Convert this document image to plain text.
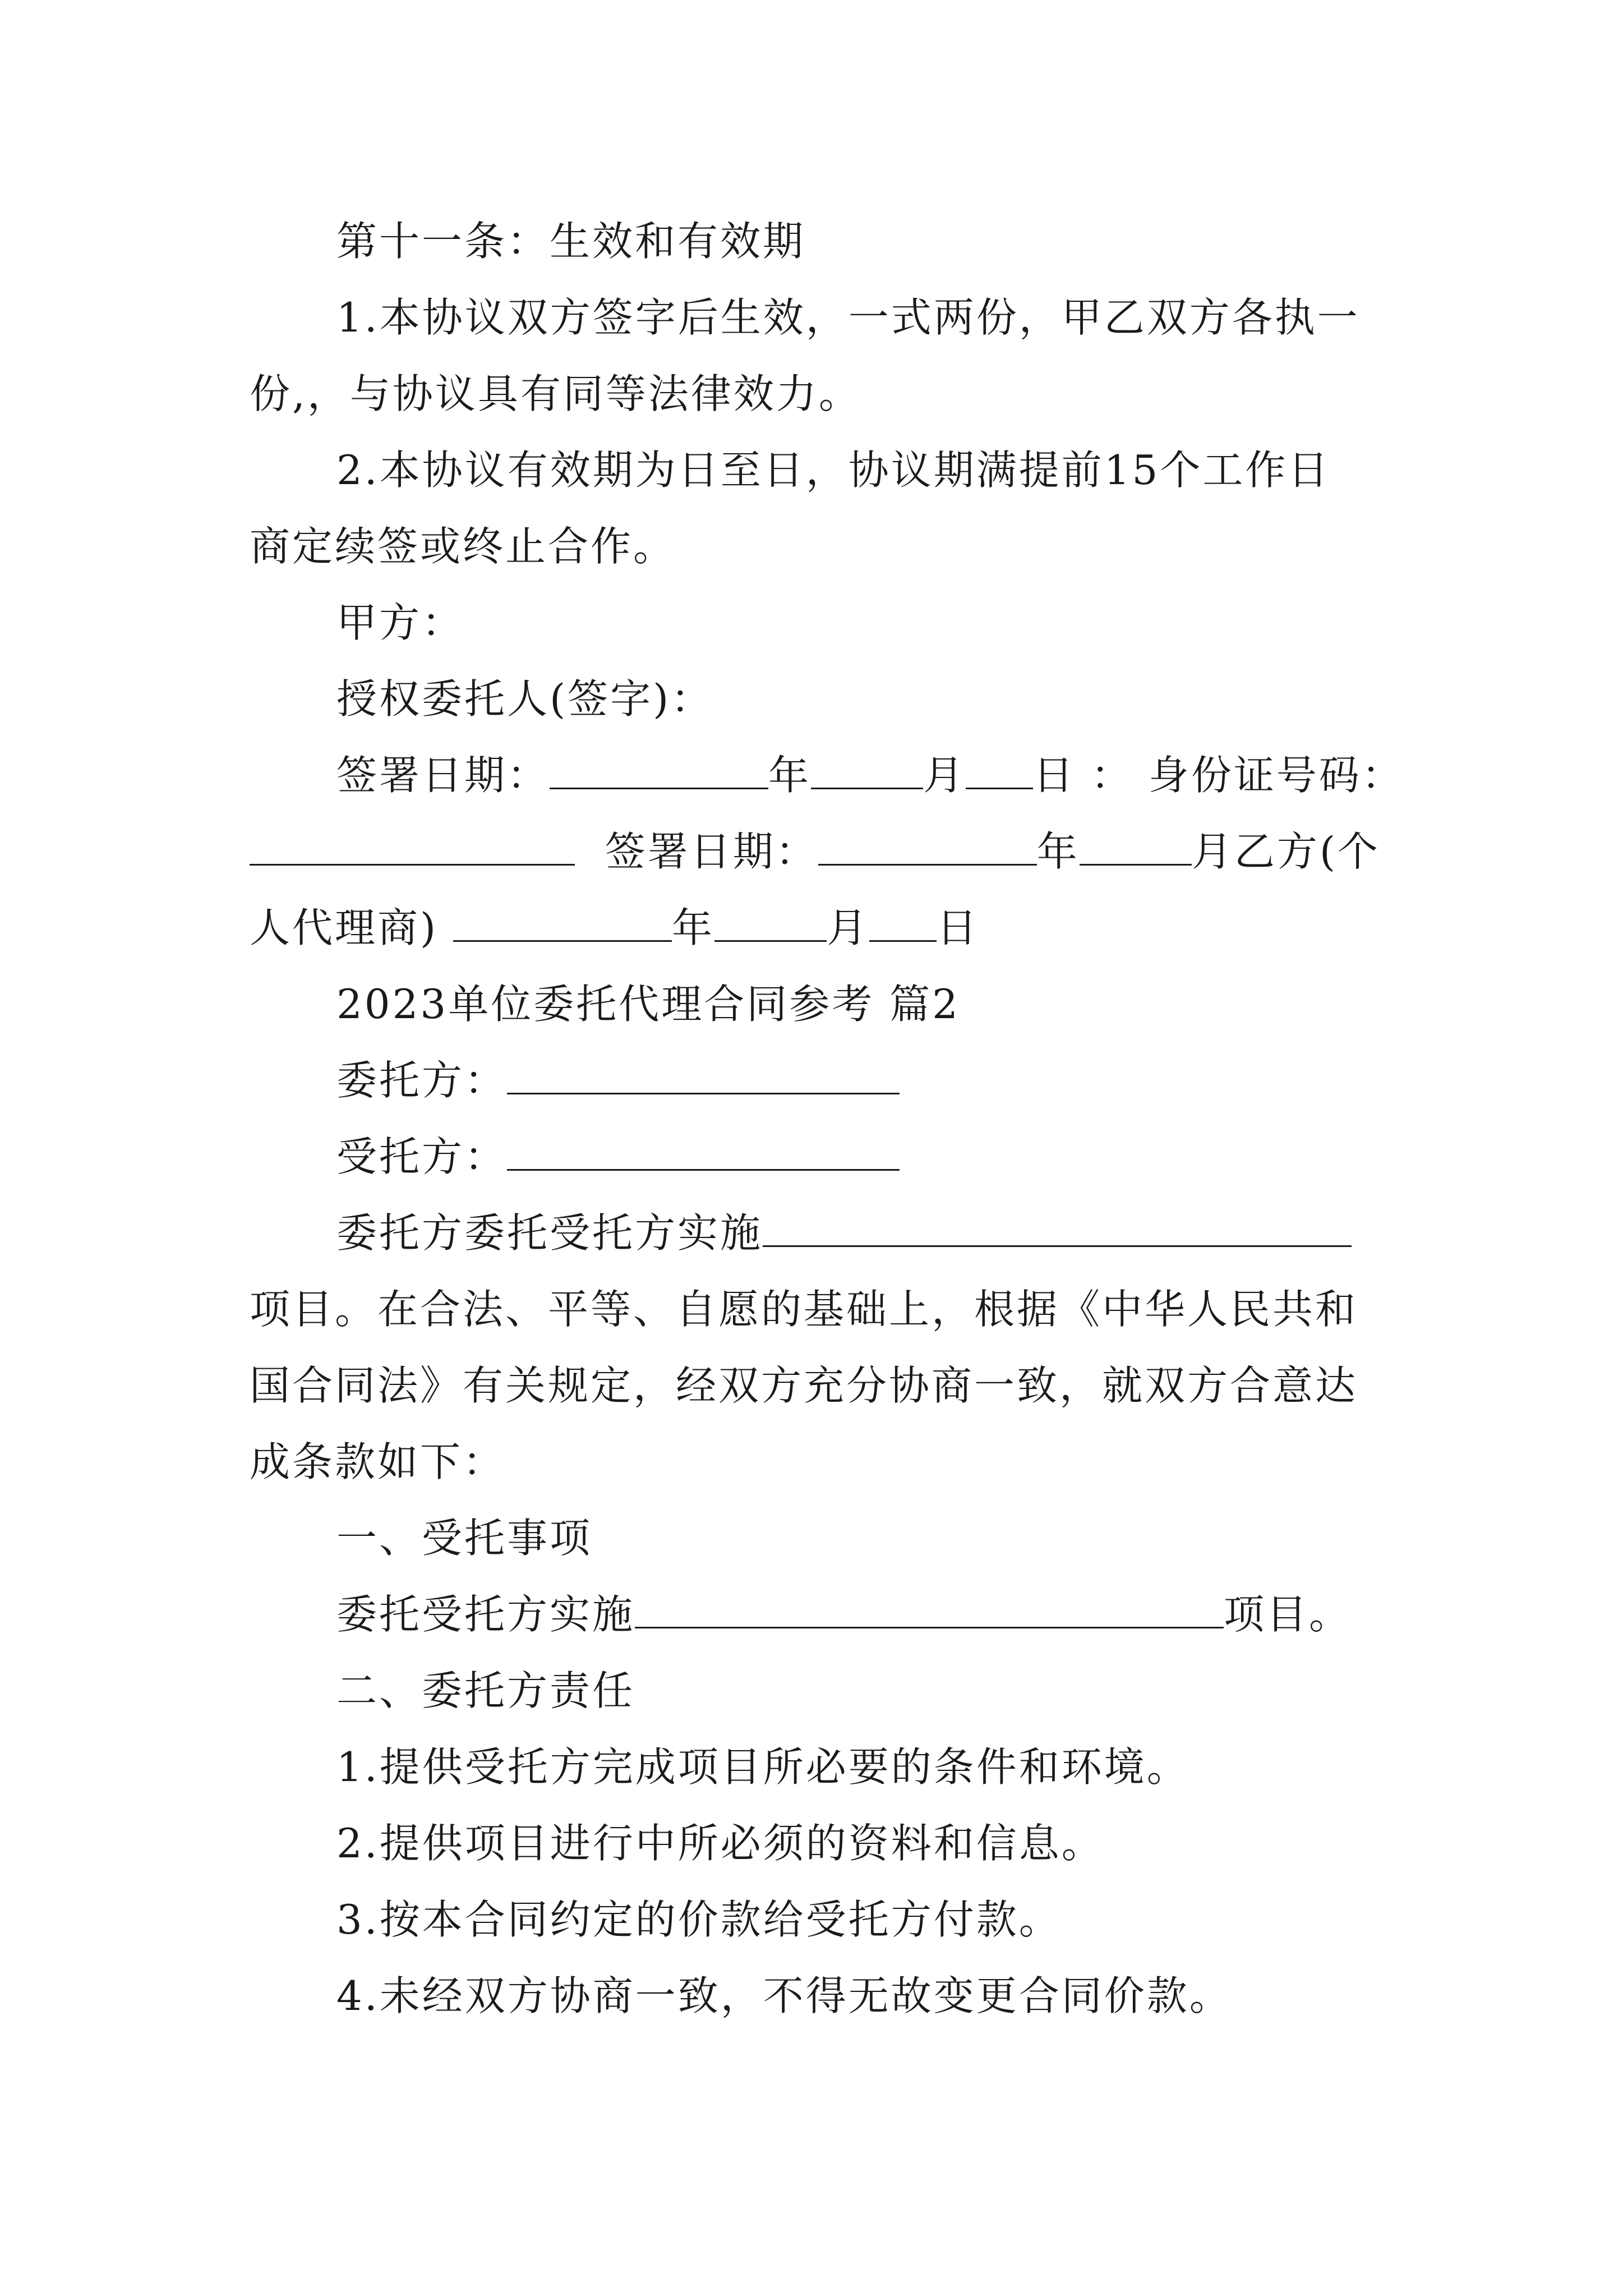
第十一条：生效和有效期
1.本协议双方签字后生效，一式两份，甲乙双方各执一
份,，与协议具有同等法律效力。
2.本协议有效期为日至日，协议期满提前15个工作日
商定续签或终止合作。
甲方：
授权委托人(签字)：
签署日期：	年	月 日 ： 身份证号码：
签署日期：	年	月乙方(个
人代理商)	年	月 日
2023单位委托代理合同参考 篇2
委托方：
受托方：
委托方委托受托方实施
项目。在合法、平等、自愿的基础上，根据《中华人民共和
国合同法》有关规定，经双方充分协商一致，就双方合意达
成条款如下：
一、受托事项
委托受托方实施	项目。
二、委托方责任
1.提供受托方完成项目所必要的条件和环境。
2.提供项目进行中所必须的资料和信息。
3.按本合同约定的价款给受托方付款。
4.未经双方协商一致，不得无故变更合同价款。
